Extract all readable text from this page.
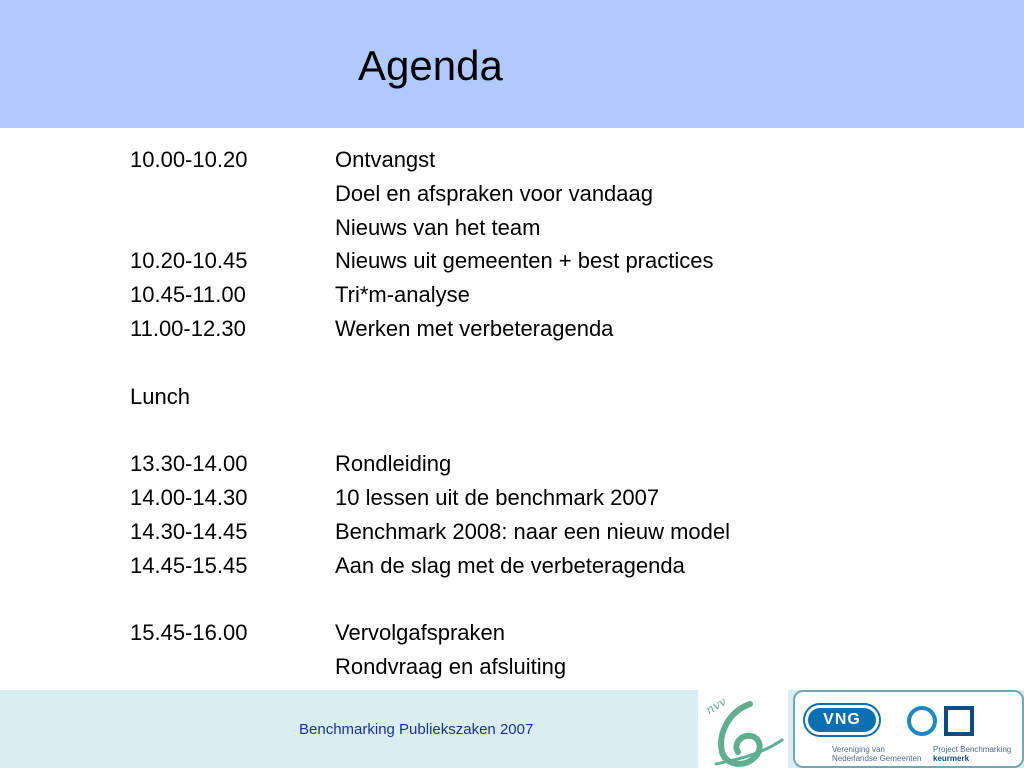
Agenda
10.00-10.20	Ontvangst
Doel en afspraken voor vandaag
Nieuws van het team
10.20-10.45	Nieuws uit gemeenten + best practices
10.45-11.00	Tri*m-analyse
11.00-12.30	Werken met verbeteragenda
Lunch
13.30-14.00	Rondleiding
14.00-14.30	10 lessen uit de benchmark 2007
14.30-14.45	Benchmark 2008: naar een nieuw model
14.45-15.45	Aan de slag met de verbeteragenda
15.45-16.00	Vervolgafspraken
Rondvraag en afsluiting
Benchmarking Publiekszaken 2007
nvv
VNG
Vereniging van
Nederlandse Gemeenten
Project Benchmarking
keurmerk
